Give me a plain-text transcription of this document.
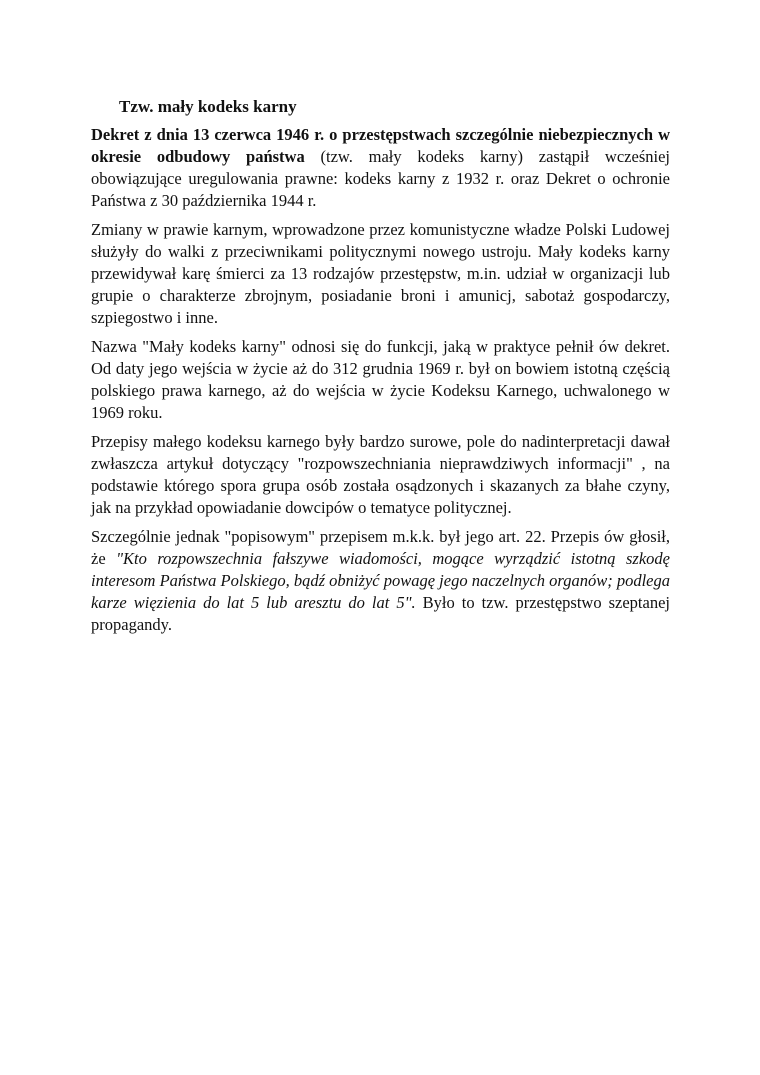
Tzw. mały kodeks karny

Dekret z dnia 13 czerwca 1946 r. o przestępstwach szczególnie niebezpiecznych w okresie odbudowy państwa (tzw. mały kodeks karny) zastąpił wcześniej obowiązujące uregulowania prawne: kodeks karny z 1932 r. oraz Dekret o ochronie Państwa z 30 października 1944 r.

Zmiany w prawie karnym, wprowadzone przez komunistyczne władze Polski Ludowej służyły do walki z przeciwnikami politycznymi nowego ustroju. Mały kodeks karny przewidywał karę śmierci za 13 rodzajów przestępstw, m.in. udział w organizacji lub grupie o charakterze zbrojnym, posiadanie broni i amunicj, sabotaż gospodarczy, szpiegostwo i inne.

Nazwa "Mały kodeks karny" odnosi się do funkcji, jaką w praktyce pełnił ów dekret. Od daty jego wejścia w życie aż do 312 grudnia 1969 r. był on bowiem istotną częścią polskiego prawa karnego, aż do wejścia w życie Kodeksu Karnego, uchwalonego w 1969 roku.

Przepisy małego kodeksu karnego były bardzo surowe, pole do nadinterpretacji dawał zwłaszcza artykuł dotyczący "rozpowszechniania nieprawdziwych informacji" , na podstawie którego spora grupa osób została osądzonych i skazanych za błahe czyny, jak na przykład opowiadanie dowcipów o tematyce politycznej.

Szczególnie jednak "popisowym" przepisem m.k.k. był jego art. 22. Przepis ów głosił, że "Kto rozpowszechnia fałszywe wiadomości, mogące wyrządzić istotną szkodę interesom Państwa Polskiego, bądź obniżyć powagę jego naczelnych organów; podlega karze więzienia do lat 5 lub aresztu do lat 5". Było to tzw. przestępstwo szeptanej propagandy.
